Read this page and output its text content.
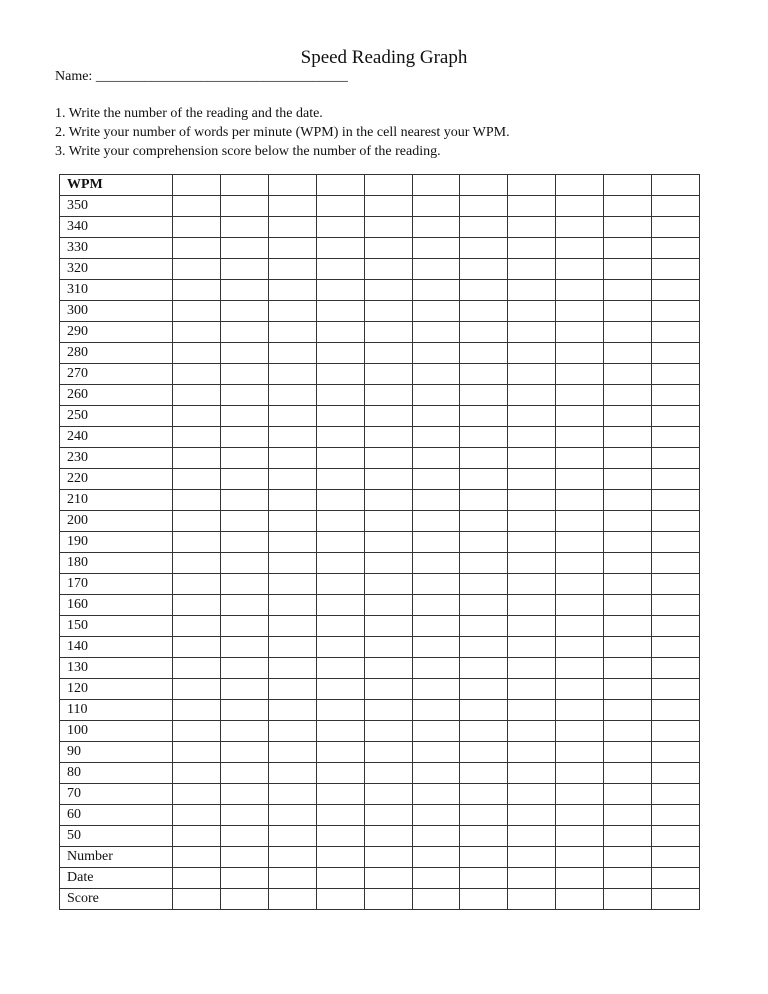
Speed Reading Graph
Name: ____________________________________
1. Write the number of the reading and the date.
2. Write your number of words per minute (WPM) in the cell nearest your WPM.
3. Write your comprehension score below the number of the reading.
WPM											
350											
340											
330											
320											
310											
300											
290											
280											
270											
260											
250											
240											
230											
220											
210											
200											
190											
180											
170											
160											
150											
140											
130											
120											
110											
100											
90											
80											
70											
60											
50											
Number											
Date											
Score											
